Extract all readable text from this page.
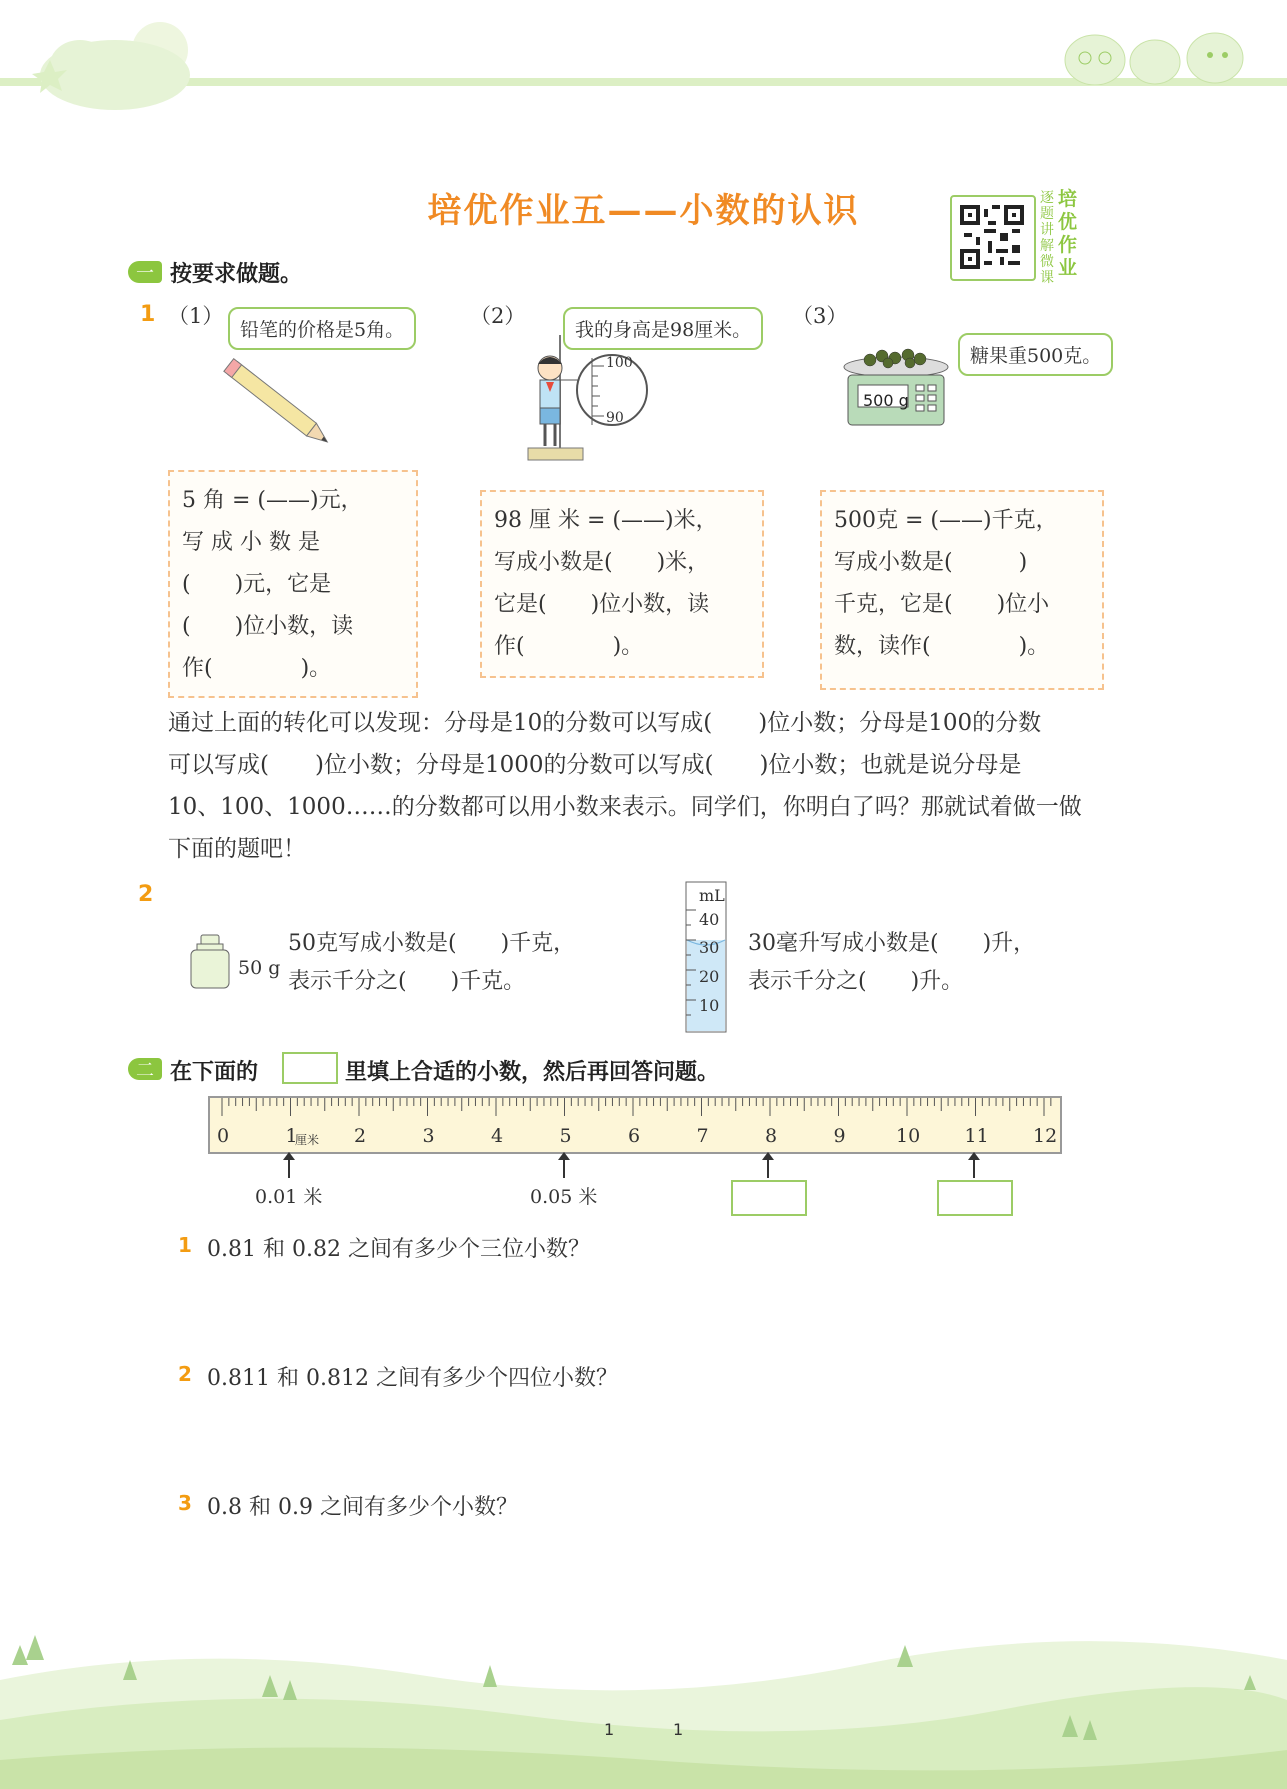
培优作业五——小数的认识	逐题讲解微课
培优作业
一 按要求做题。
1 （1）
铅笔的价格是5角。
5 角 = (——)元，
写 成 小 数 是
(　　)元，它是
(　　)位小数，读
作(　　　　)。
（2）
我的身高是98厘米。
100
90
98 厘 米 = (——)米，
写成小数是(　　)米，
它是(　　)位小数，读
作(　　　　)。
（3）
500 g
糖果重500克。
500克 = (——)千克，
写成小数是(　　　)
千克，它是(　　)位小
数，读作(　　　　)。
通过上面的转化可以发现：分母是10的分数可以写成(　　)位小数；分母是100的分数
可以写成(　　)位小数；分母是1000的分数可以写成(　　)位小数；也就是说分母是
10、100、1000……的分数都可以用小数来表示。同学们，你明白了吗？那就试着做一做
下面的题吧！
2
50 g
50克写成小数是(　　)千克，
表示千分之(　　)千克。
mL
40
30
20
10
30毫升写成小数是(　　)升，
表示千分之(　　)升。
二 在下面的	里填上合适的小数，然后再回答问题。
0	1	2	3	4	5	6	7	8	9	10 11 12
厘米
0.01 米	0.05 米
1 0.81 和 0.82 之间有多少个三位小数？
2 0.811 和 0.812 之间有多少个四位小数？
3 0.8 和 0.9 之间有多少个小数？
1	1
